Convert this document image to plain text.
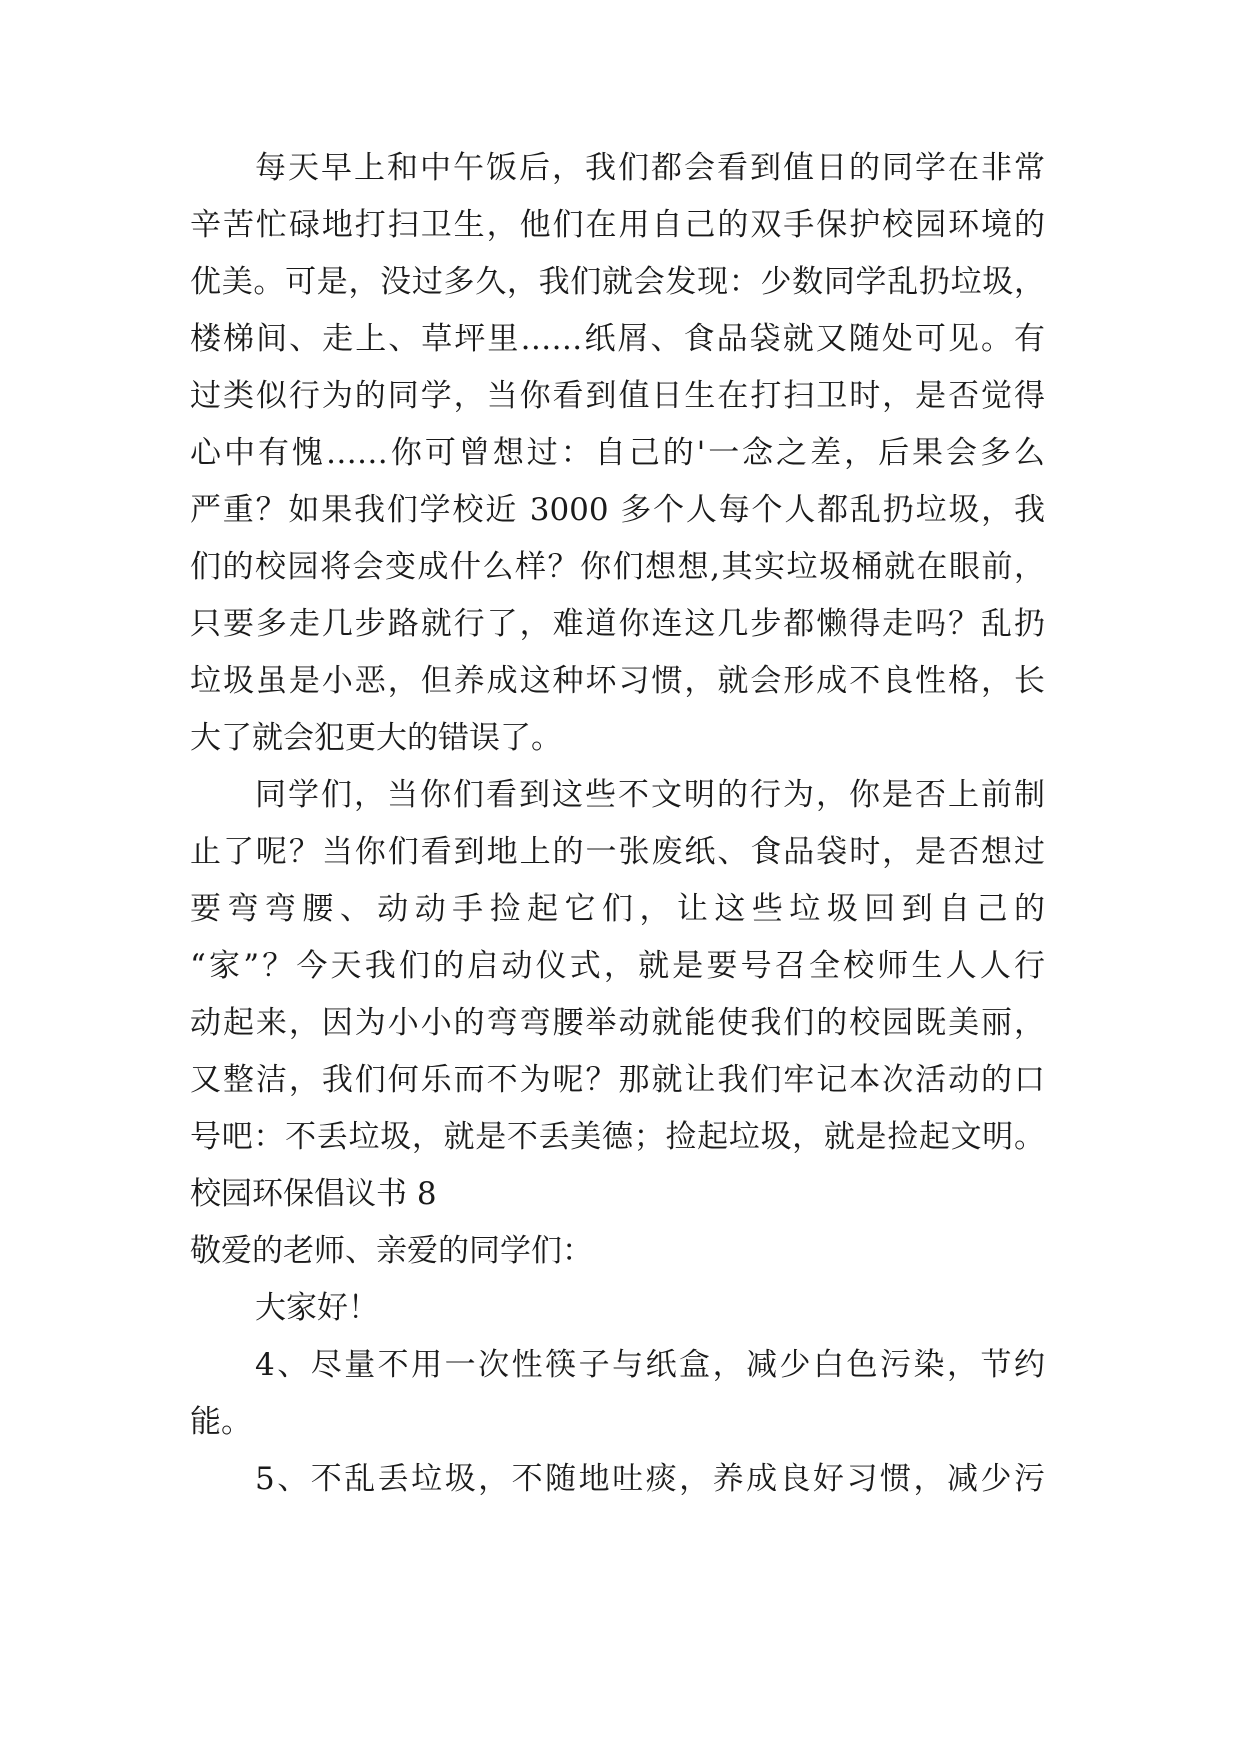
每天早上和中午饭后，我们都会看到值日的同学在非常
辛苦忙碌地打扫卫生，他们在用自己的双手保护校园环境的
优美。可是，没过多久，我们就会发现：少数同学乱扔垃圾，
楼梯间、走上、草坪里……纸屑、食品袋就又随处可见。有
过类似行为的同学，当你看到值日生在打扫卫时，是否觉得
心中有愧……你可曾想过：自己的'一念之差，后果会多么
严重？如果我们学校近 3000 多个人每个人都乱扔垃圾，我
们的校园将会变成什么样？你们想想,其实垃圾桶就在眼前，
只要多走几步路就行了，难道你连这几步都懒得走吗？乱扔
垃圾虽是小恶，但养成这种坏习惯，就会形成不良性格，长
大了就会犯更大的错误了。
同学们，当你们看到这些不文明的行为，你是否上前制
止了呢？当你们看到地上的一张废纸、食品袋时，是否想过
要弯弯腰、动动手捡起它们，让这些垃圾回到自己的
“家”？今天我们的启动仪式，就是要号召全校师生人人行
动起来，因为小小的弯弯腰举动就能使我们的校园既美丽，
又整洁，我们何乐而不为呢？那就让我们牢记本次活动的口
号吧：不丢垃圾，就是不丢美德；捡起垃圾，就是捡起文明。
校园环保倡议书 8
敬爱的老师、亲爱的同学们：
大家好！
4、尽量不用一次性筷子与纸盒，减少白色污染，节约
能。
5、不乱丢垃圾，不随地吐痰，养成良好习惯，减少污
